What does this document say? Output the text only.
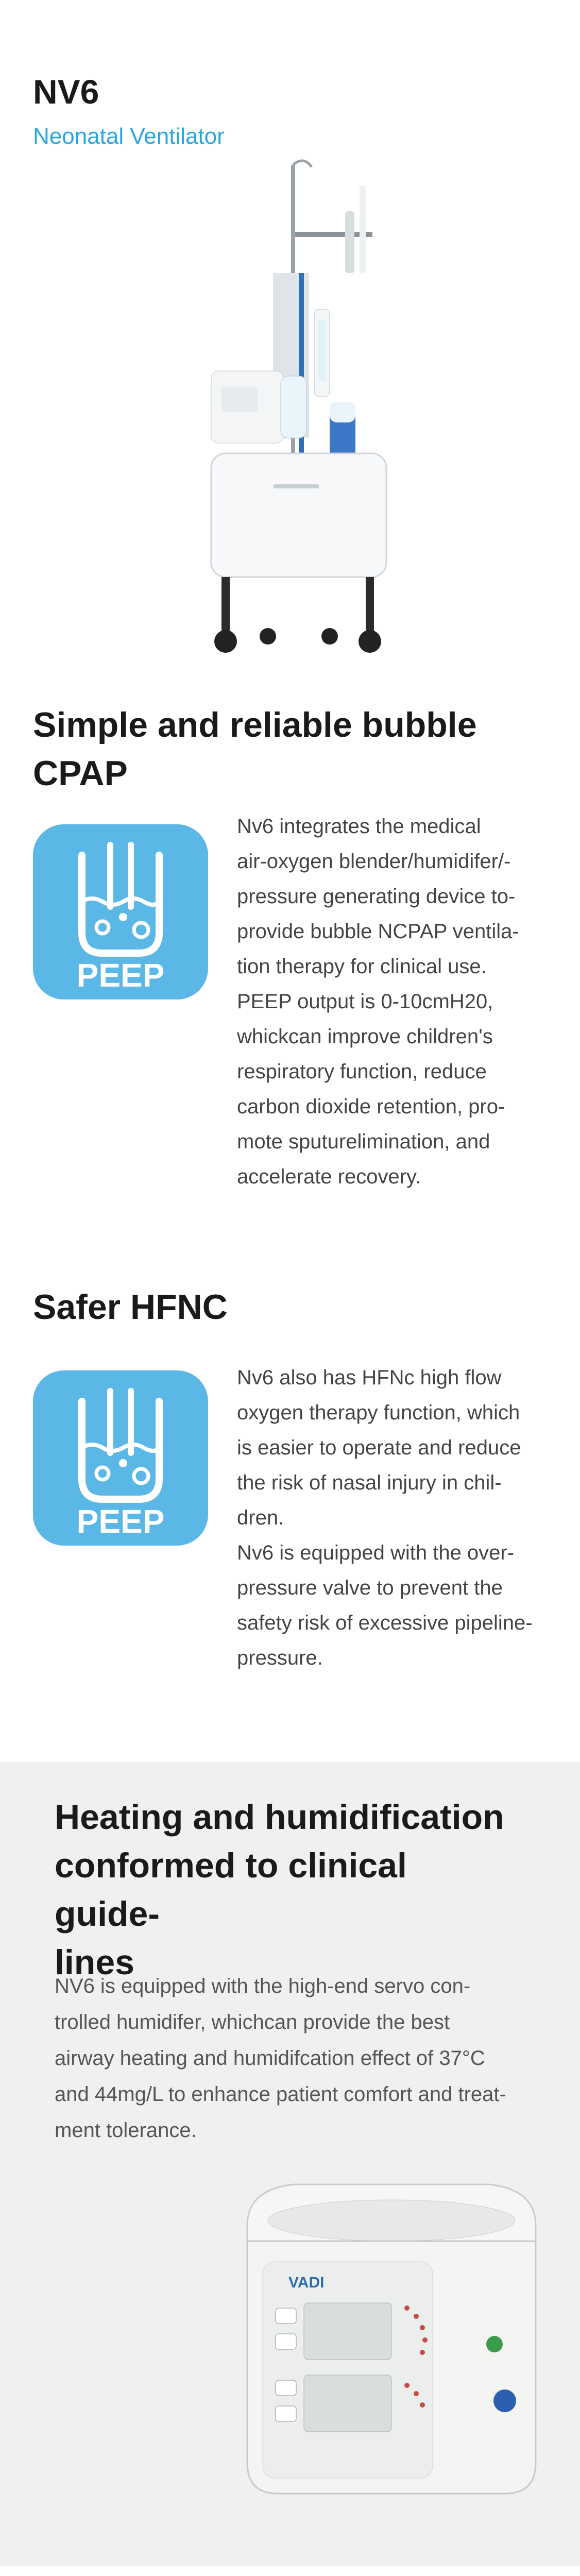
NV6
Neonatal Ventilator
Simple and reliable bubble CPAP
PEEP
Nv6 integrates the medical
air-oxygen blender/humidifer/-
pressure generating device to-
provide bubble NCPAP ventila-
tion therapy for clinical use.
PEEP output is 0-10cmH20,
whickcan improve children's
respiratory function, reduce
carbon dioxide retention, pro-
mote sputurelimination, and
accelerate recovery.
Safer HFNC
PEEP
Nv6 also has HFNc high flow
oxygen therapy function, which
is easier to operate and reduce
the risk of nasal injury in chil-
dren.
Nv6 is equipped with the over-
pressure valve to prevent the
safety risk of excessive pipeline-
pressure.
Heating and humidification
conformed to clinical guide-
lines
NV6 is equipped with the high-end servo con-
trolled humidifer, whichcan provide the best
airway heating and humidifcation effect of 37°C
and 44mg/L to enhance patient comfort and treat-
ment tolerance.
VADI
